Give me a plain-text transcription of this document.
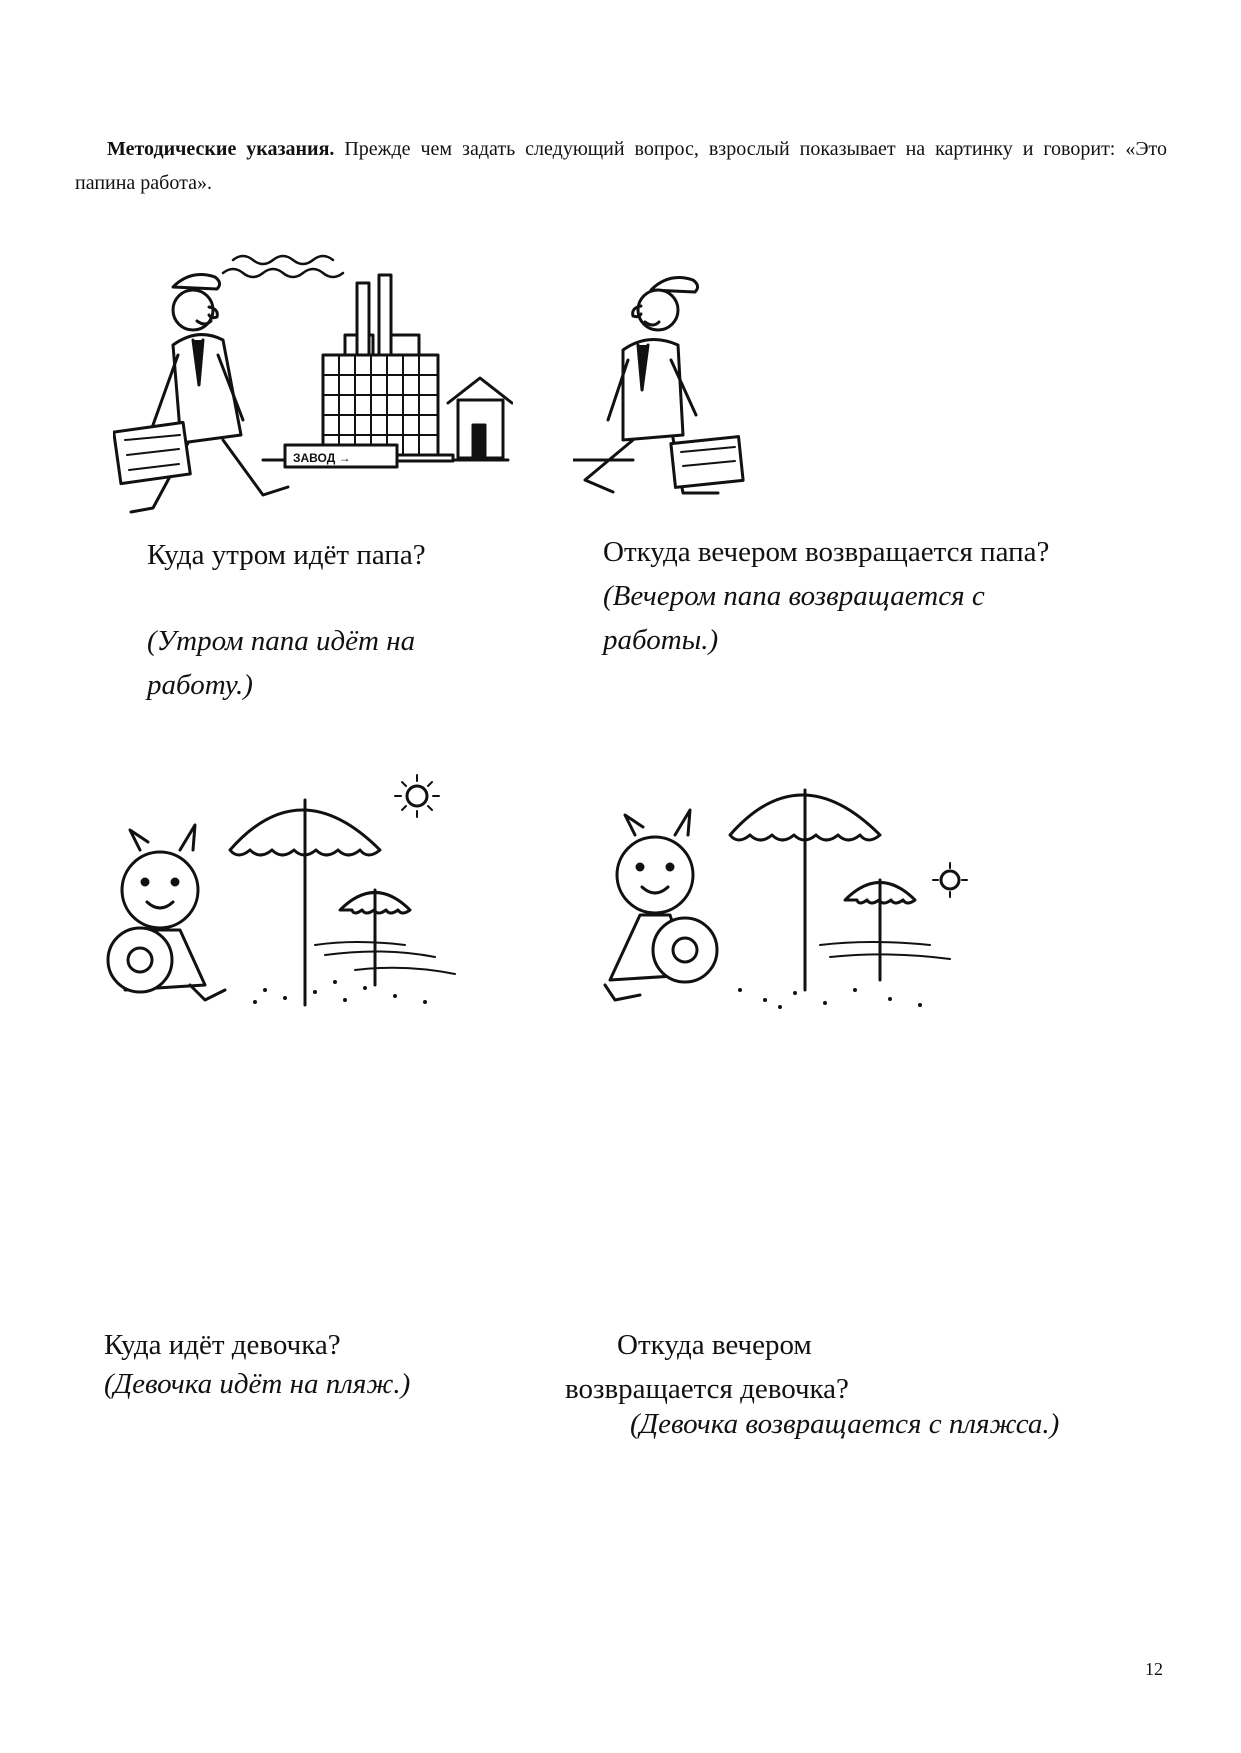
Методические указания. Прежде чем задать следующий вопрос, взрослый показывает на картинку и говорит: «Это папина работа».

ЗАВОД →

Куда утром идёт папа?

(Утром папа идёт на работу.)

Откуда вечером возвращается папа?

(Вечером папа возвращается с работы.)

Куда идёт девочка?

(Девочка идёт на пляж.)

Откуда вечером возвращается девочка?

(Девочка возвращается с пляжса.)

12
